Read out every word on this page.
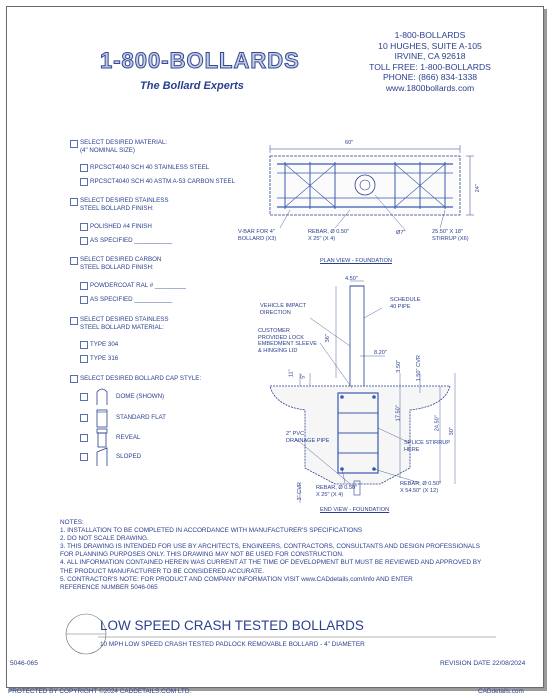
1-800-BOLLARDS
The Bollard Experts
1-800-BOLLARDS
10 HUGHES, SUITE A-105
IRVINE, CA 92618
TOLL FREE: 1-800-BOLLARDS
PHONE: (866) 834-1338
www.1800bollards.com
SELECT DESIRED MATERIAL:
(4" NOMINAL SIZE)
RPCSCT4040 SCH 40 STAINLESS STEEL
RPCSCT4040 SCH 40 ASTM A-53 CARBON STEEL
SELECT DESIRED STAINLESS
STEEL BOLLARD FINISH:
POLISHED #4 FINISH
AS SPECIFIED ___________
SELECT DESIRED CARBON
STEEL BOLLARD FINISH:
POWDERCOAT RAL # _________
AS SPECIFIED ___________
SELECT DESIRED STAINLESS
STEEL BOLLARD MATERIAL:
TYPE 304
TYPE 316
SELECT DESIRED BOLLARD CAP STYLE:
DOME (SHOWN)
STANDARD FLAT
REVEAL
SLOPED
60"
24"
V-BAR FOR 4"
BOLLARD (X3)
REBAR, Ø 0.50"
X 25" (X 4)
Ø7"	25.50" X 18"
STIRRUP (X6)
PLAN VIEW - FOUNDATION
4.50"
SCHEDULE
40 PIPE
VEHICLE IMPACT
DIRECTION
36"
CUSTOMER
PROVIDED LOCK
EMBEDMENT SLEEVE
& HINGING LID	8.20"
11" 5"
3.50" 1.50" CVR
17.50"
24.50"
30"
2" PVC
DRAINAGE PIPE	SPLICE STIRRUP
HERE
REBAR, Ø 0.50"
X 25" (X 4)
REBAR, Ø 0.50"
X 54.50" (X 12)
3" CVR
END VIEW - FOUNDATION
NOTES:
1. INSTALLATION TO BE COMPLETED IN ACCORDANCE WITH MANUFACTURER'S SPECIFICATIONS
2. DO NOT SCALE DRAWING.
3. THIS DRAWING IS INTENDED FOR USE BY ARCHITECTS, ENGINEERS, CONTRACTORS, CONSULTANTS AND DESIGN PROFESSIONALS
FOR PLANNING PURPOSES ONLY. THIS DRAWING MAY NOT BE USED FOR CONSTRUCTION.
4. ALL INFORMATION CONTAINED HEREIN WAS CURRENT AT THE TIME OF DEVELOPMENT BUT MUST BE REVIEWED AND APPROVED BY
THE PRODUCT MANUFACTURER TO BE CONSIDERED ACCURATE.
5. CONTRACTOR'S NOTE: FOR PRODUCT AND COMPANY INFORMATION VISIT www.CADdetails.com/info AND ENTER
REFERENCE NUMBER 5046-065
LOW SPEED CRASH TESTED BOLLARDS
10 MPH LOW SPEED CRASH TESTED PADLOCK REMOVABLE BOLLARD - 4" DIAMETER
5046-065	REVISION DATE 22/08/2024
PROTECTED BY COPYRIGHT ©2024 CADDETAILS.COM LTD.	CADdetails.com
